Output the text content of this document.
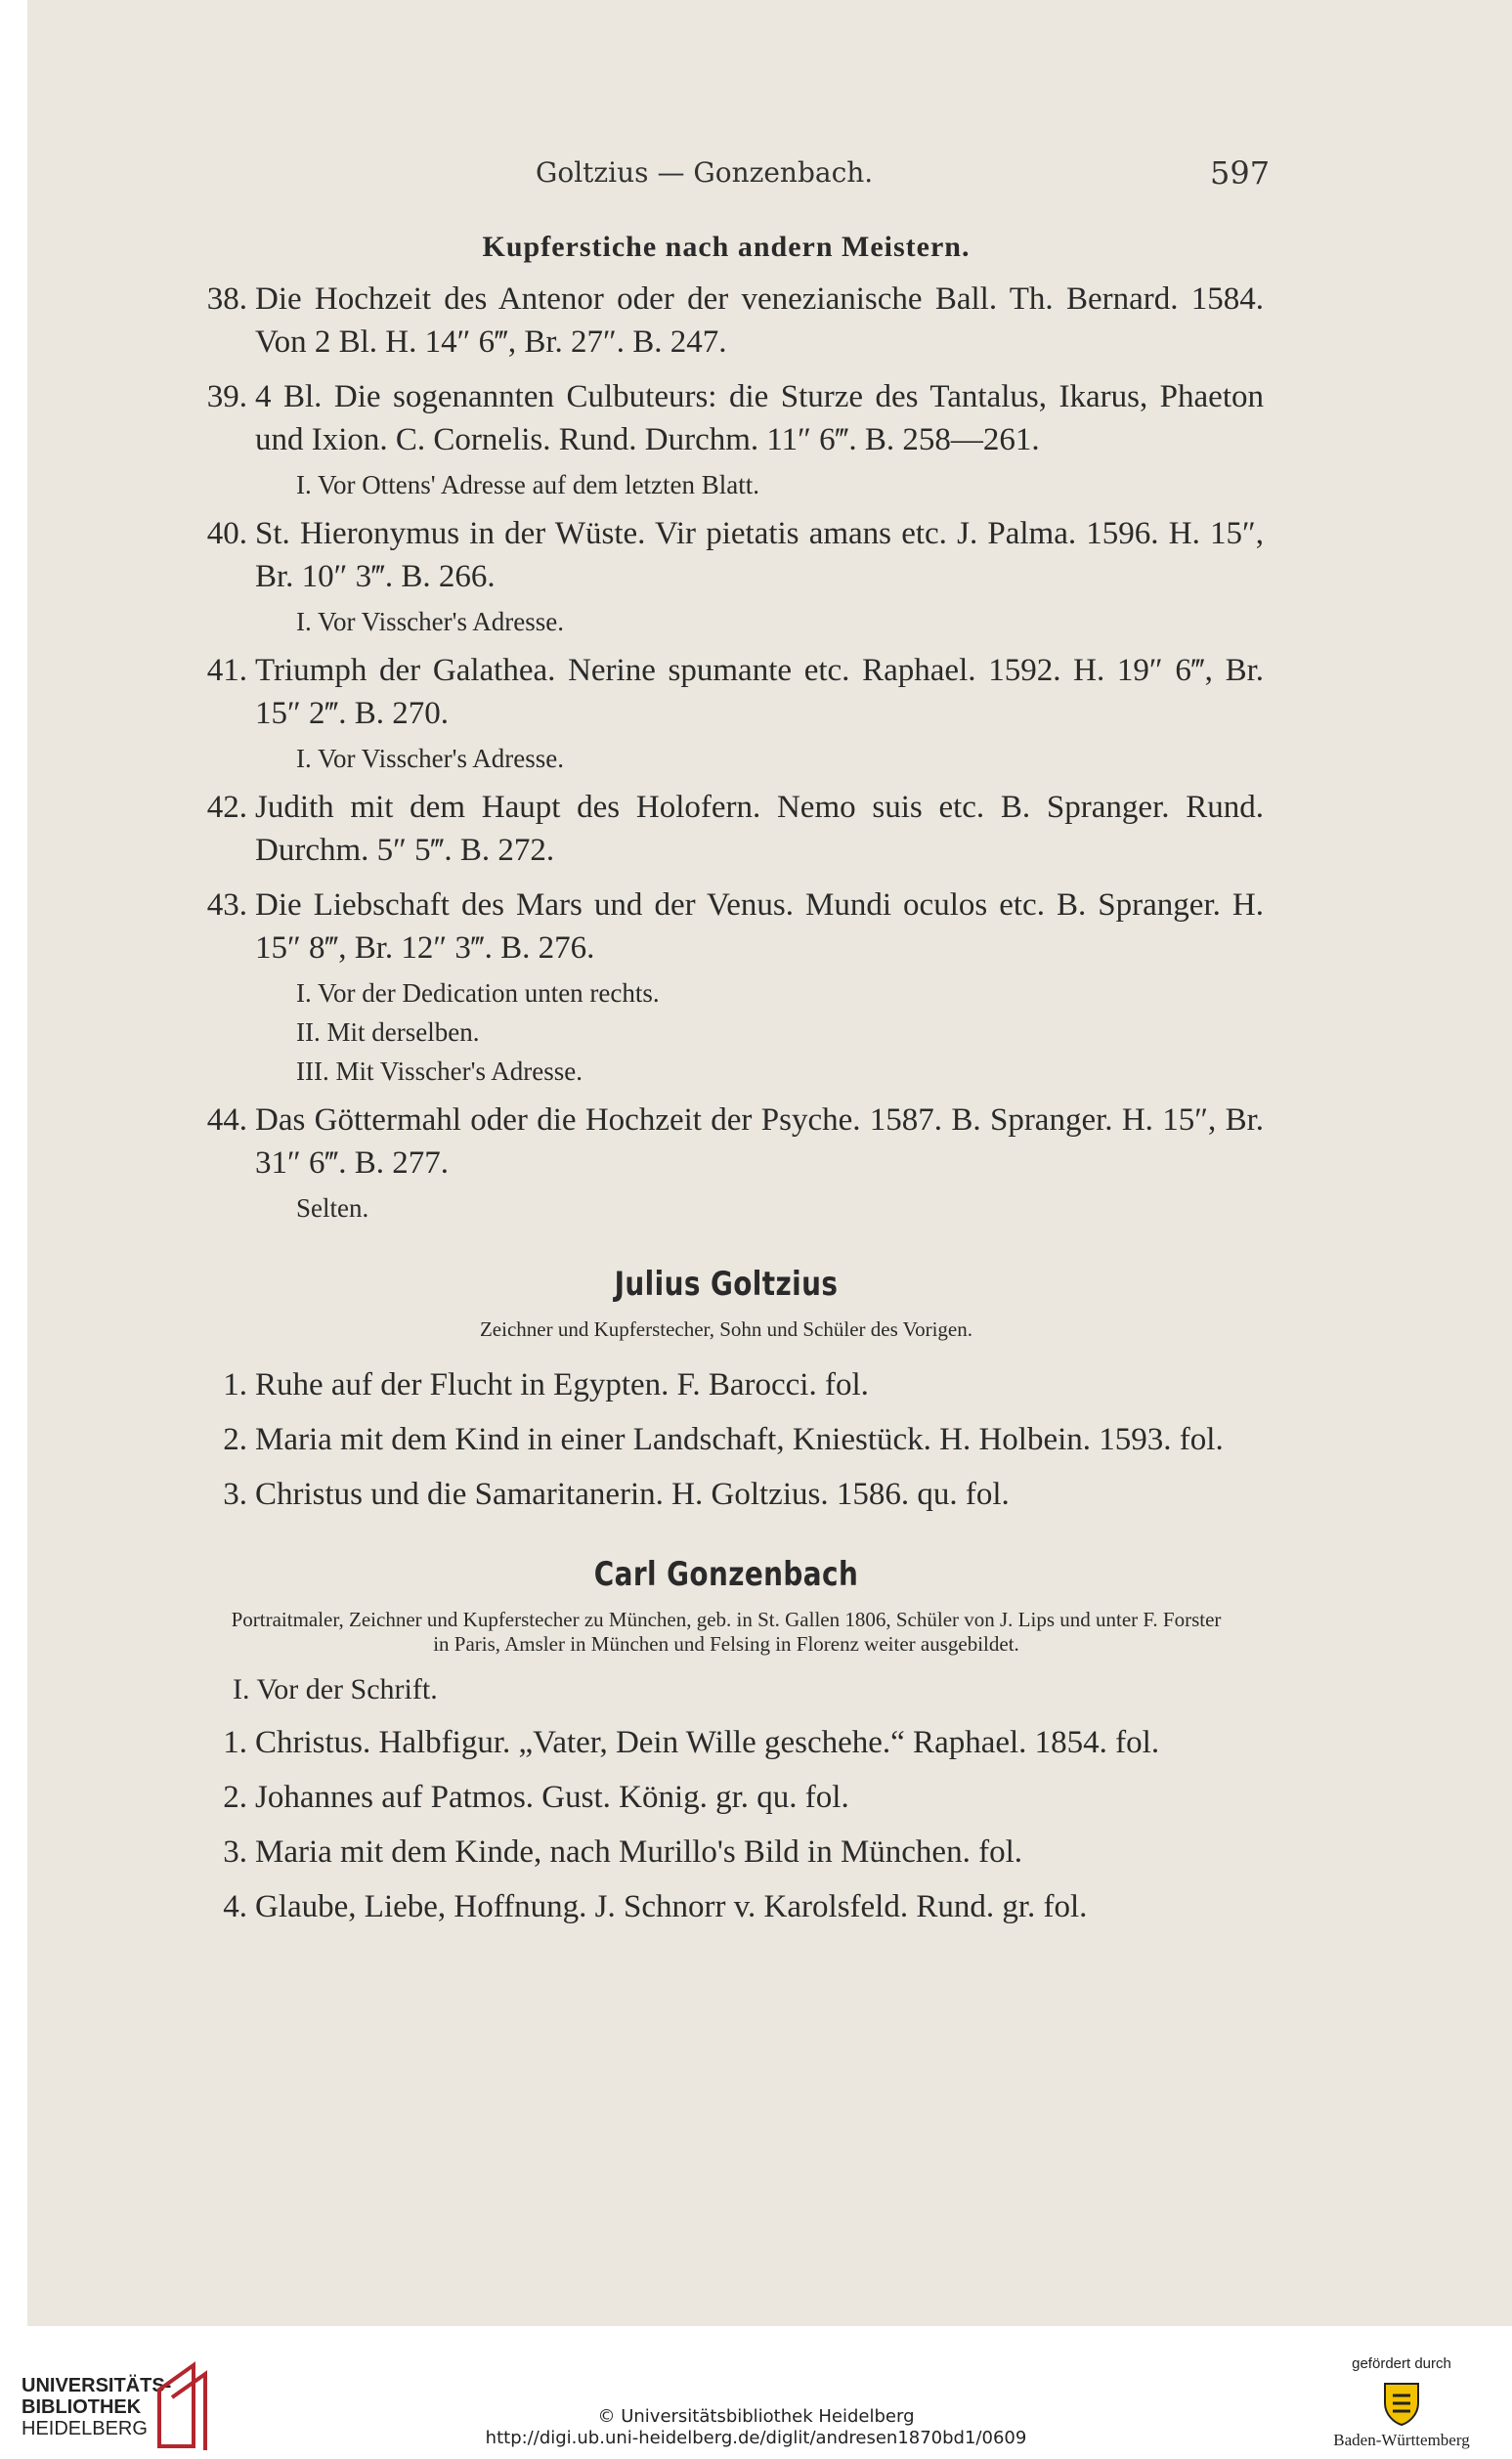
Goltzius — Gonzenbach.	597
Kupferstiche nach andern Meistern.
38. Die Hochzeit des Antenor oder der venezianische Ball. Th. Bernard. 1584. Von 2 Bl. H. 14″ 6‴, Br. 27″. B. 247.
39. 4 Bl. Die sogenannten Culbuteurs: die Sturze des Tantalus, Ikarus, Phaeton und Ixion. C. Cornelis. Rund. Durchm. 11″ 6‴. B. 258—261.
I. Vor Ottens' Adresse auf dem letzten Blatt.
40. St. Hieronymus in der Wüste. Vir pietatis amans etc. J. Palma. 1596. H. 15″, Br. 10″ 3‴. B. 266.
I. Vor Visscher's Adresse.
41. Triumph der Galathea. Nerine spumante etc. Raphael. 1592. H. 19″ 6‴, Br. 15″ 2‴. B. 270.
I. Vor Visscher's Adresse.
42. Judith mit dem Haupt des Holofern. Nemo suis etc. B. Spranger. Rund. Durchm. 5″ 5‴. B. 272.
43. Die Liebschaft des Mars und der Venus. Mundi oculos etc. B. Spranger. H. 15″ 8‴, Br. 12″ 3‴. B. 276.
I. Vor der Dedication unten rechts.
II. Mit derselben.
III. Mit Visscher's Adresse.
44. Das Göttermahl oder die Hochzeit der Psyche. 1587. B. Spranger. H. 15″, Br. 31″ 6‴. B. 277.
Selten.
Julius Goltzius
Zeichner und Kupferstecher, Sohn und Schüler des Vorigen.
1. Ruhe auf der Flucht in Egypten. F. Barocci. fol.
2. Maria mit dem Kind in einer Landschaft, Kniestück. H. Holbein. 1593. fol.
3. Christus und die Samaritanerin. H. Goltzius. 1586. qu. fol.
Carl Gonzenbach
Portraitmaler, Zeichner und Kupferstecher zu München, geb. in St. Gallen 1806, Schüler von J. Lips und unter F. Forster in Paris, Amsler in München und Felsing in Florenz weiter ausgebildet.
I. Vor der Schrift.
1. Christus. Halbfigur. „Vater, Dein Wille geschehe.“ Raphael. 1854. fol.
2. Johannes auf Patmos. Gust. König. gr. qu. fol.
3. Maria mit dem Kinde, nach Murillo's Bild in München. fol.
4. Glaube, Liebe, Hoffnung. J. Schnorr v. Karolsfeld. Rund. gr. fol.
UNIVERSITÄTS-
BIBLIOTHEK
HEIDELBERG
© Universitätsbibliothek Heidelberg
http://digi.ub.uni-heidelberg.de/diglit/andresen1870bd1/0609
gefördert durch
Baden-Württemberg
